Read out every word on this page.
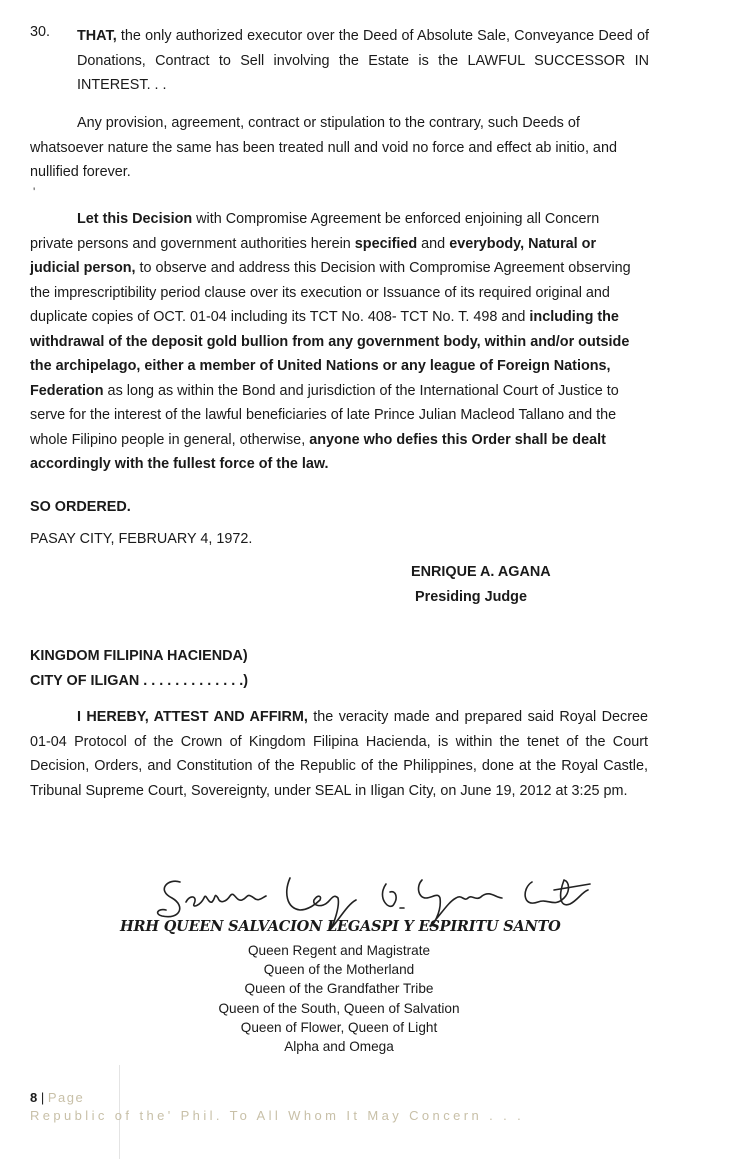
30. THAT, the only authorized executor over the Deed of Absolute Sale, Conveyance Deed of Donations, Contract to Sell involving the Estate is the LAWFUL SUCCESSOR IN INTEREST. . .

Any provision, agreement, contract or stipulation to the contrary, such Deeds of whatsoever nature the same has been treated null and void no force and effect ab initio, and nullified forever.

'

Let this Decision with Compromise Agreement be enforced enjoining all Concern private persons and government authorities herein specified and everybody, Natural or judicial person, to observe and address this Decision with Compromise Agreement observing the imprescriptibility period clause over its execution or Issuance of its required original and duplicate copies of OCT. 01-04 including its TCT No. 408- TCT No. T. 498 and including the withdrawal of the deposit gold bullion from any government body, within and/or outside the archipelago, either a member of United Nations or any league of Foreign Nations, Federation as long as within the Bond and jurisdiction of the International Court of Justice to serve for the interest of the lawful beneficiaries of late Prince Julian Macleod Tallano and the whole Filipino people in general, otherwise, anyone who defies this Order shall be dealt accordingly with the fullest force of the law.

SO ORDERED.

PASAY CITY, FEBRUARY 4, 1972.

ENRIQUE A. AGANA
Presiding Judge
KINGDOM FILIPINA HACIENDA)
CITY OF ILIGAN . . . . . . . . . . . . .)

I HEREBY, ATTEST AND AFFIRM, the veracity made and prepared said Royal Decree 01-04 Protocol of the Crown of Kingdom Filipina Hacienda, is within the tenet of the Court Decision, Orders, and Constitution of the Republic of the Philippines, done at the Royal Castle, Tribunal Supreme Court, Sovereignty, under SEAL in Iligan City, on June 19, 2012 at 3:25 pm.

HRH QUEEN SALVACION LEGASPI Y ESPIRITU SANTO
Queen Regent and Magistrate
Queen of the Motherland
Queen of the Grandfather Tribe
Queen of the South, Queen of Salvation
Queen of Flower, Queen of Light
Alpha and Omega
8 | Page
Republic of the' Phil. To All Whom It May Concern . . .
